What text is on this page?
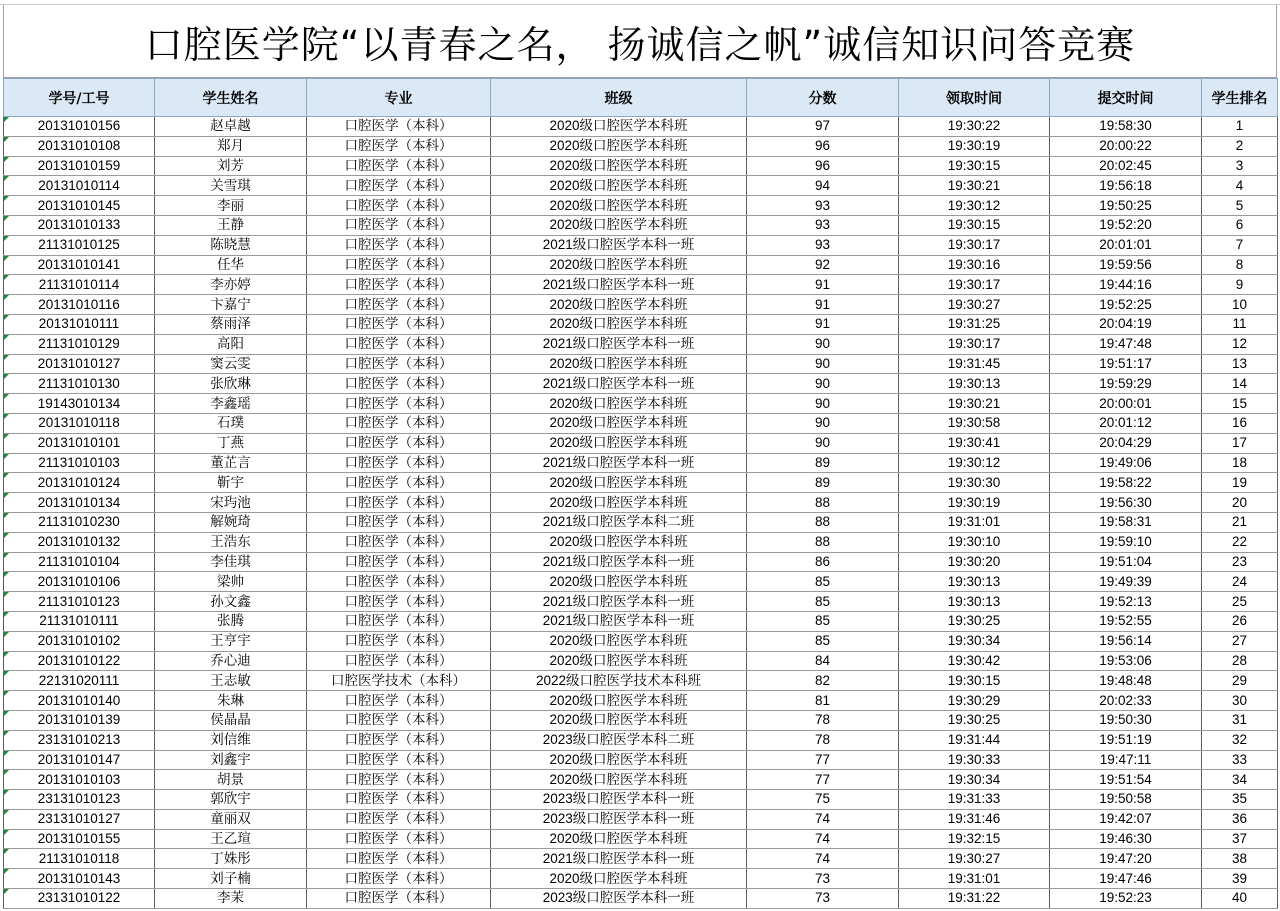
口腔医学院“以青春之名， 扬诚信之帆”诚信知识问答竞赛
学号/工号	学生姓名	专业	班级	分数	领取时间	提交时间	学生排名
20131010156	赵卓越	口腔医学（本科）	2020级口腔医学本科班	97	19:30:22	19:58:30	1
20131010108	郑月	口腔医学（本科）	2020级口腔医学本科班	96	19:30:19	20:00:22	2
20131010159	刘芳	口腔医学（本科）	2020级口腔医学本科班	96	19:30:15	20:02:45	3
20131010114	关雪琪	口腔医学（本科）	2020级口腔医学本科班	94	19:30:21	19:56:18	4
20131010145	李丽	口腔医学（本科）	2020级口腔医学本科班	93	19:30:12	19:50:25	5
20131010133	王静	口腔医学（本科）	2020级口腔医学本科班	93	19:30:15	19:52:20	6
21131010125	陈晓慧	口腔医学（本科）	2021级口腔医学本科一班	93	19:30:17	20:01:01	7
20131010141	任华	口腔医学（本科）	2020级口腔医学本科班	92	19:30:16	19:59:56	8
21131010114	李亦婷	口腔医学（本科）	2021级口腔医学本科一班	91	19:30:17	19:44:16	9
20131010116	卞嘉宁	口腔医学（本科）	2020级口腔医学本科班	91	19:30:27	19:52:25	10
20131010111	蔡雨泽	口腔医学（本科）	2020级口腔医学本科班	91	19:31:25	20:04:19	11
21131010129	高阳	口腔医学（本科）	2021级口腔医学本科一班	90	19:30:17	19:47:48	12
20131010127	窦云雯	口腔医学（本科）	2020级口腔医学本科班	90	19:31:45	19:51:17	13
21131010130	张欣琳	口腔医学（本科）	2021级口腔医学本科一班	90	19:30:13	19:59:29	14
19143010134	李鑫瑶	口腔医学（本科）	2020级口腔医学本科班	90	19:30:21	20:00:01	15
20131010118	石璞	口腔医学（本科）	2020级口腔医学本科班	90	19:30:58	20:01:12	16
20131010101	丁燕	口腔医学（本科）	2020级口腔医学本科班	90	19:30:41	20:04:29	17
21131010103	董芷言	口腔医学（本科）	2021级口腔医学本科一班	89	19:30:12	19:49:06	18
20131010124	靳宇	口腔医学（本科）	2020级口腔医学本科班	89	19:30:30	19:58:22	19
20131010134	宋玙池	口腔医学（本科）	2020级口腔医学本科班	88	19:30:19	19:56:30	20
21131010230	解婉琦	口腔医学（本科）	2021级口腔医学本科二班	88	19:31:01	19:58:31	21
20131010132	王浩东	口腔医学（本科）	2020级口腔医学本科班	88	19:30:10	19:59:10	22
21131010104	李佳琪	口腔医学（本科）	2021级口腔医学本科一班	86	19:30:20	19:51:04	23
20131010106	梁帅	口腔医学（本科）	2020级口腔医学本科班	85	19:30:13	19:49:39	24
21131010123	孙文鑫	口腔医学（本科）	2021级口腔医学本科一班	85	19:30:13	19:52:13	25
21131010111	张腾	口腔医学（本科）	2021级口腔医学本科一班	85	19:30:25	19:52:55	26
20131010102	王亨宇	口腔医学（本科）	2020级口腔医学本科班	85	19:30:34	19:56:14	27
20131010122	乔心迪	口腔医学（本科）	2020级口腔医学本科班	84	19:30:42	19:53:06	28
22131020111	王志敏	口腔医学技术（本科）	2022级口腔医学技术本科班	82	19:30:15	19:48:48	29
20131010140	朱琳	口腔医学（本科）	2020级口腔医学本科班	81	19:30:29	20:02:33	30
20131010139	侯晶晶	口腔医学（本科）	2020级口腔医学本科班	78	19:30:25	19:50:30	31
23131010213	刘信维	口腔医学（本科）	2023级口腔医学本科二班	78	19:31:44	19:51:19	32
20131010147	刘鑫宇	口腔医学（本科）	2020级口腔医学本科班	77	19:30:33	19:47:11	33
20131010103	胡景	口腔医学（本科）	2020级口腔医学本科班	77	19:30:34	19:51:54	34
23131010123	郭欣宇	口腔医学（本科）	2023级口腔医学本科一班	75	19:31:33	19:50:58	35
23131010127	童丽双	口腔医学（本科）	2023级口腔医学本科一班	74	19:31:46	19:42:07	36
20131010155	王乙瑄	口腔医学（本科）	2020级口腔医学本科班	74	19:32:15	19:46:30	37
21131010118	丁姝彤	口腔医学（本科）	2021级口腔医学本科一班	74	19:30:27	19:47:20	38
20131010143	刘子楠	口腔医学（本科）	2020级口腔医学本科班	73	19:31:01	19:47:46	39
23131010122	李茉	口腔医学（本科）	2023级口腔医学本科一班	73	19:31:22	19:52:23	40
